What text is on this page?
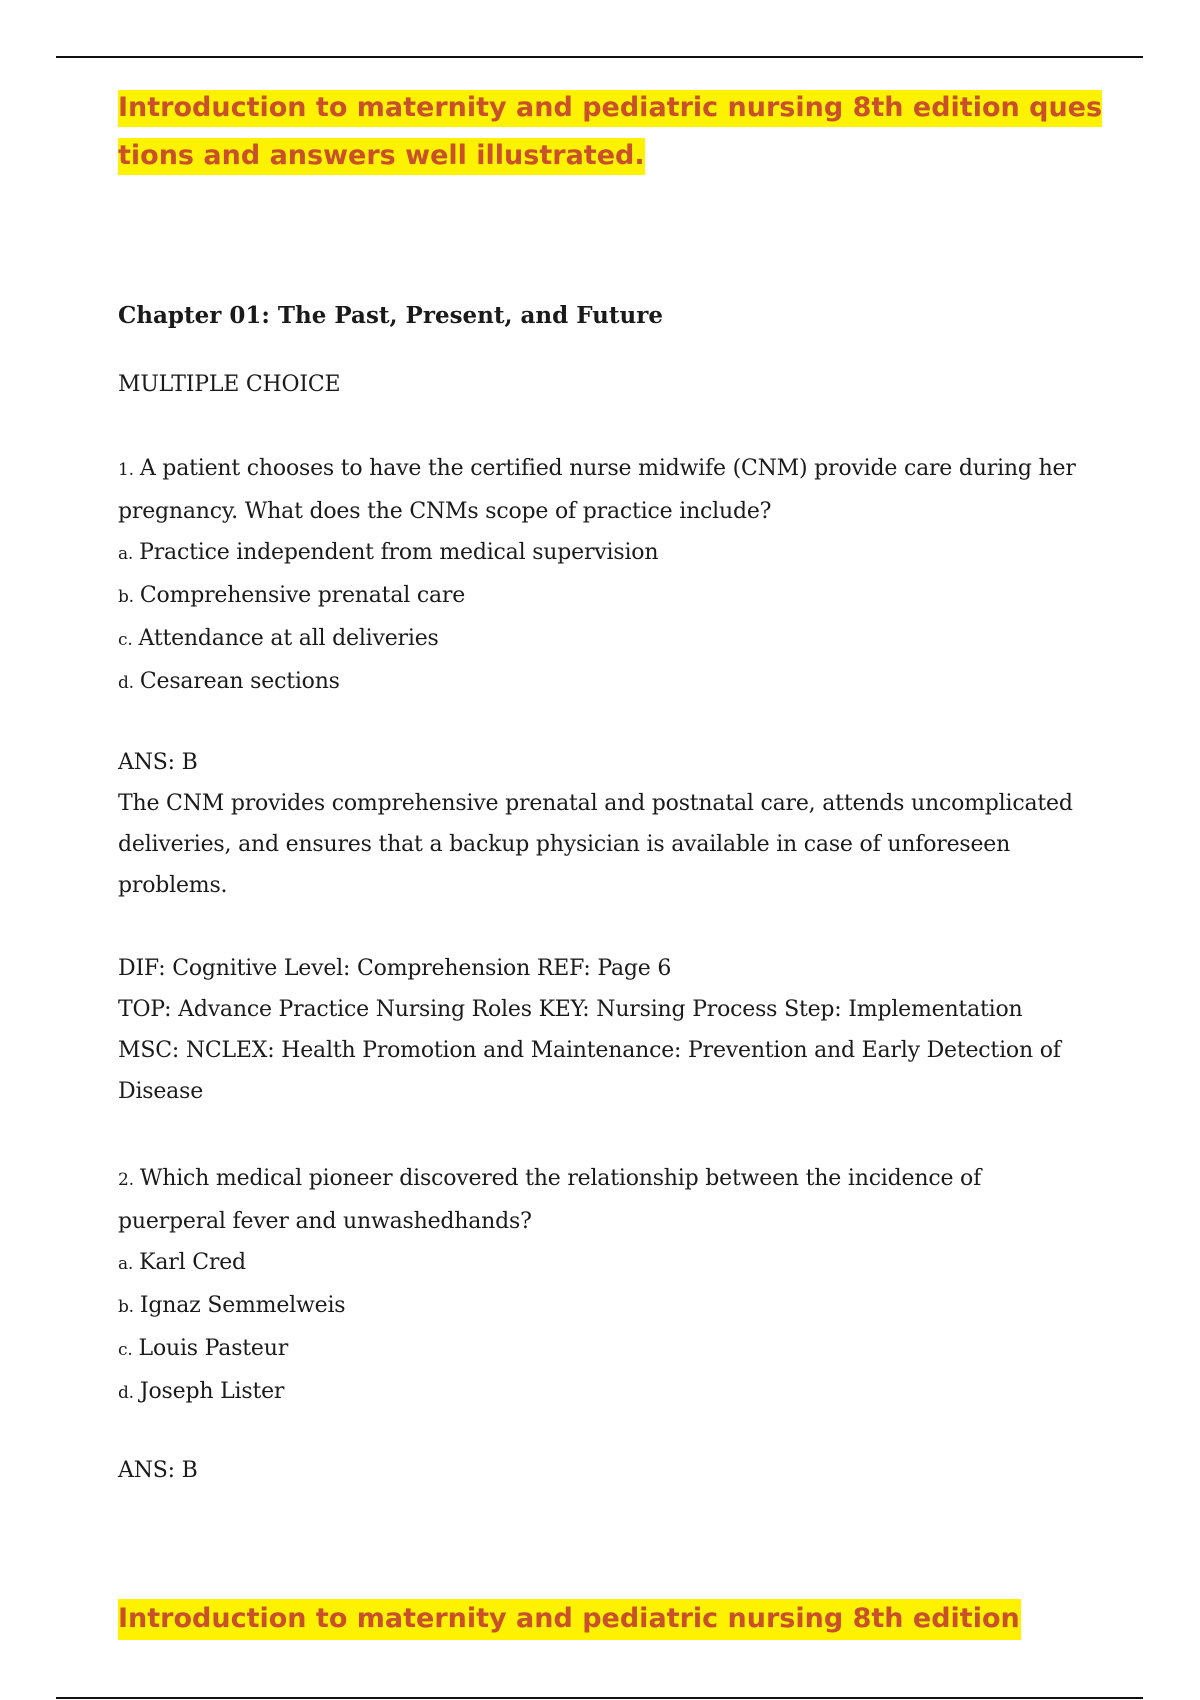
Introduction to maternity and pediatric nursing 8th edition ques
tions and answers well illustrated.

Chapter 01: The Past, Present, and Future

MULTIPLE CHOICE

1. A patient chooses to have the certified nurse midwife (CNM) provide care during her

pregnancy. What does the CNMs scope of practice include?

a. Practice independent from medical supervision

b. Comprehensive prenatal care

c. Attendance at all deliveries

d. Cesarean sections

ANS: B

The CNM provides comprehensive prenatal and postnatal care, attends uncomplicated

deliveries, and ensures that a backup physician is available in case of unforeseen

problems.

DIF: Cognitive Level: Comprehension REF: Page 6

TOP: Advance Practice Nursing Roles KEY: Nursing Process Step: Implementation

MSC: NCLEX: Health Promotion and Maintenance: Prevention and Early Detection of

Disease

2. Which medical pioneer discovered the relationship between the incidence of

puerperal fever and unwashedhands?

a. Karl Cred

b. Ignaz Semmelweis

c. Louis Pasteur

d. Joseph Lister

ANS: B

Introduction to maternity and pediatric nursing 8th edition
